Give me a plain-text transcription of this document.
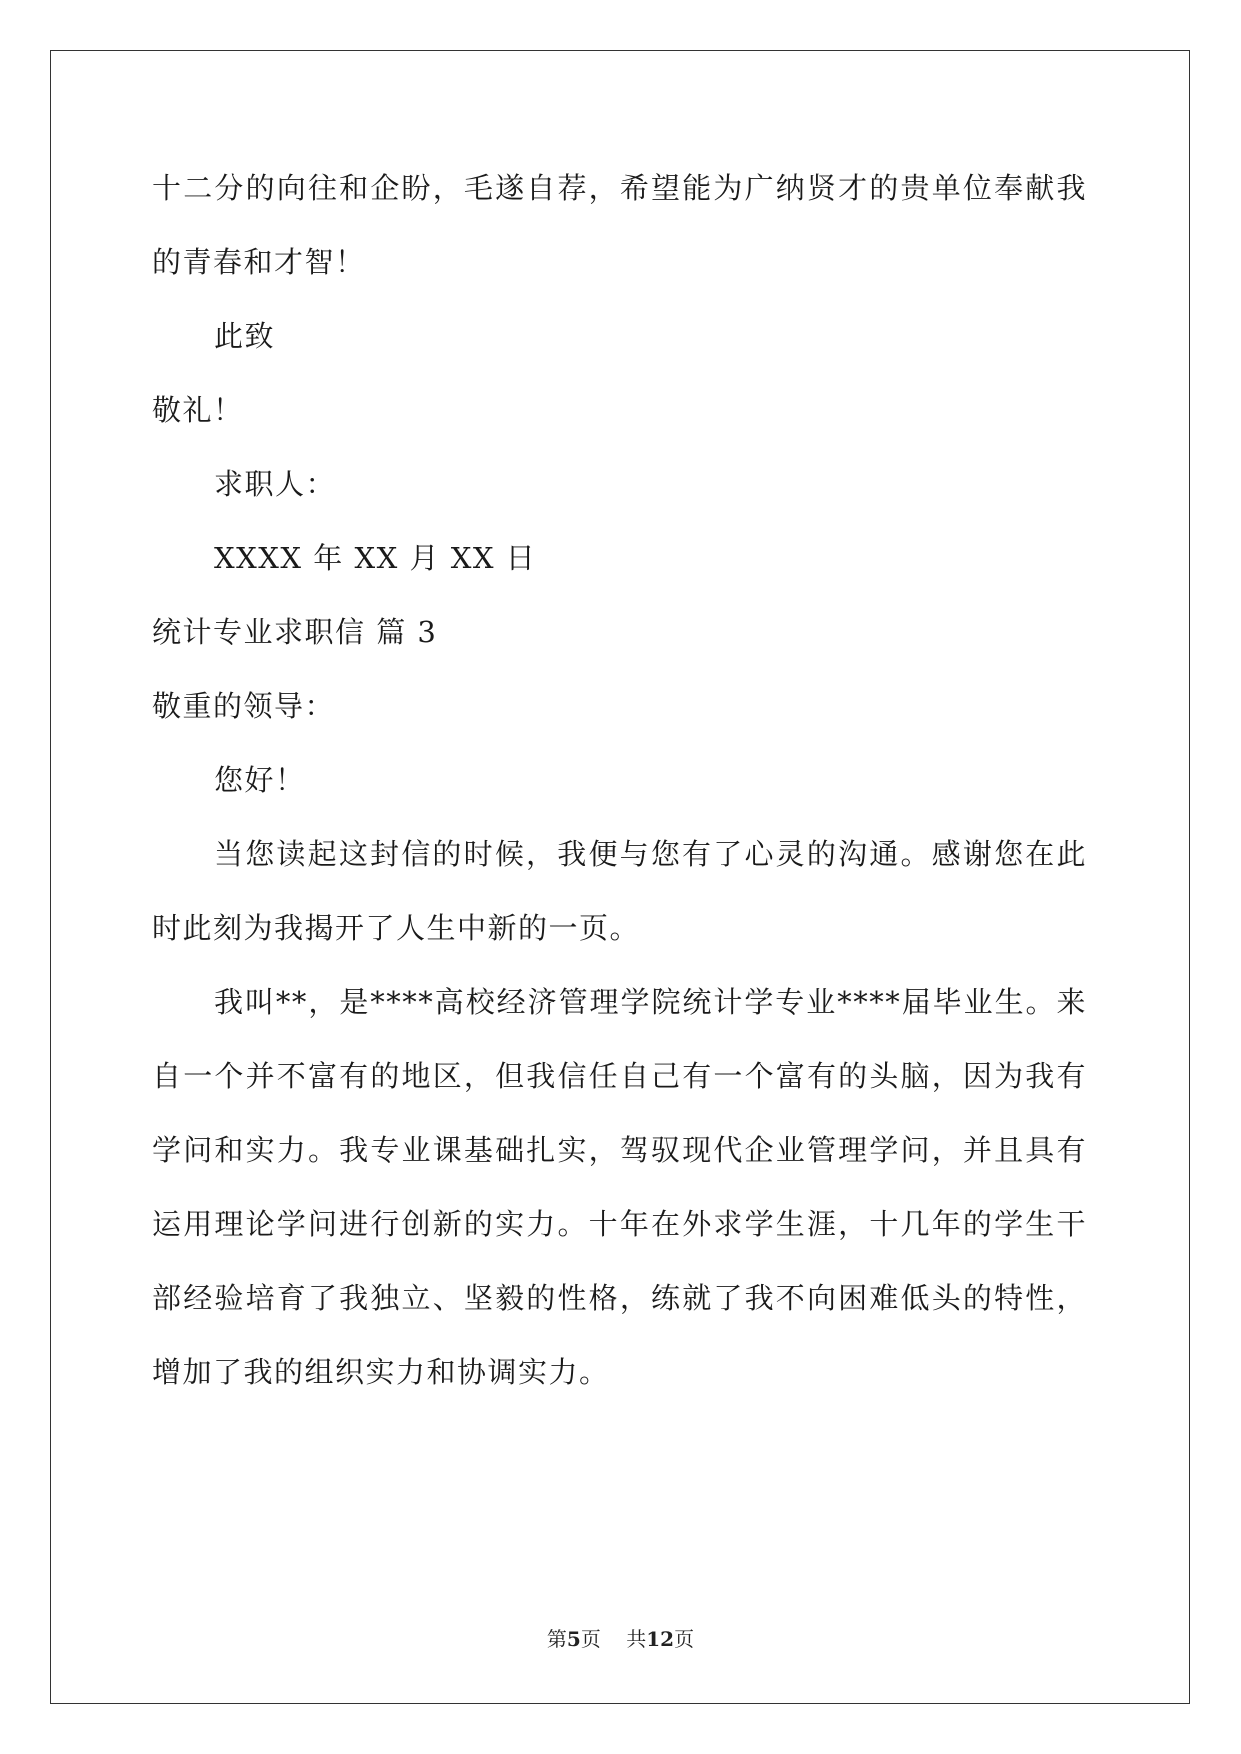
十二分的向往和企盼，毛遂自荐，希望能为广纳贤才的贵单位奉献我
的青春和才智！
此致
敬礼！
求职人：
XXXX 年 XX 月 XX 日
统计专业求职信 篇 3
敬重的领导：
您好！
当您读起这封信的时候，我便与您有了心灵的沟通。感谢您在此
时此刻为我揭开了人生中新的一页。
我叫**，是****高校经济管理学院统计学专业****届毕业生。来
自一个并不富有的地区，但我信任自己有一个富有的头脑，因为我有
学问和实力。我专业课基础扎实，驾驭现代企业管理学问，并且具有
运用理论学问进行创新的实力。十年在外求学生涯，十几年的学生干
部经验培育了我独立、坚毅的性格，练就了我不向困难低头的特性，
增加了我的组织实力和协调实力。
第5页 共12页
